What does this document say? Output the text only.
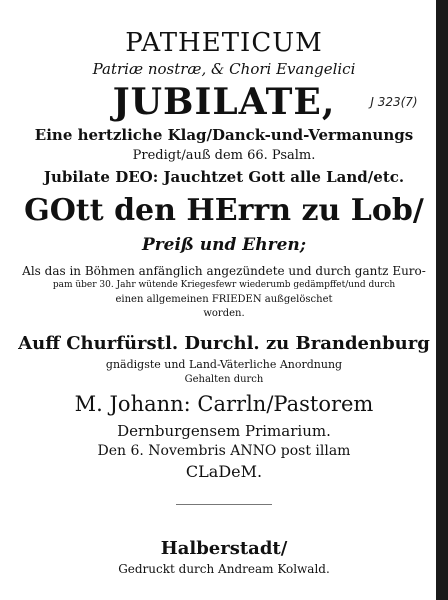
PATHETICUM
Patriæ nostræ, & Chori Evangelici
JUBILATE,
Eine hertzliche Klag/Danck-und-Vermanungs
Predigt/auß dem 66. Psalm.
Jubilate DEO: Jauchtzet Gott alle Land/etc.
GOtt den HErrn zu Lob/
Preiß und Ehren;
Als das in Böhmen anfänglich angezündete und durch gantz Euro-
pam über 30. Jahr wütende Kriegesfewr wiederumb gedämpffet/und durch
einen allgemeinen FRIEDEN außgelöschet
worden.
Auff Churfürstl. Durchl. zu Brandenburg
gnädigste und Land-Väterliche Anordnung
Gehalten durch
M. Johann: Carrln/Pastorem
Dernburgensem Primarium.
Den 6. Novembris ANNO post illam
CLaDeM.
Halberstadt/
Gedruckt durch Andream Kolwald.
J 323(7)
